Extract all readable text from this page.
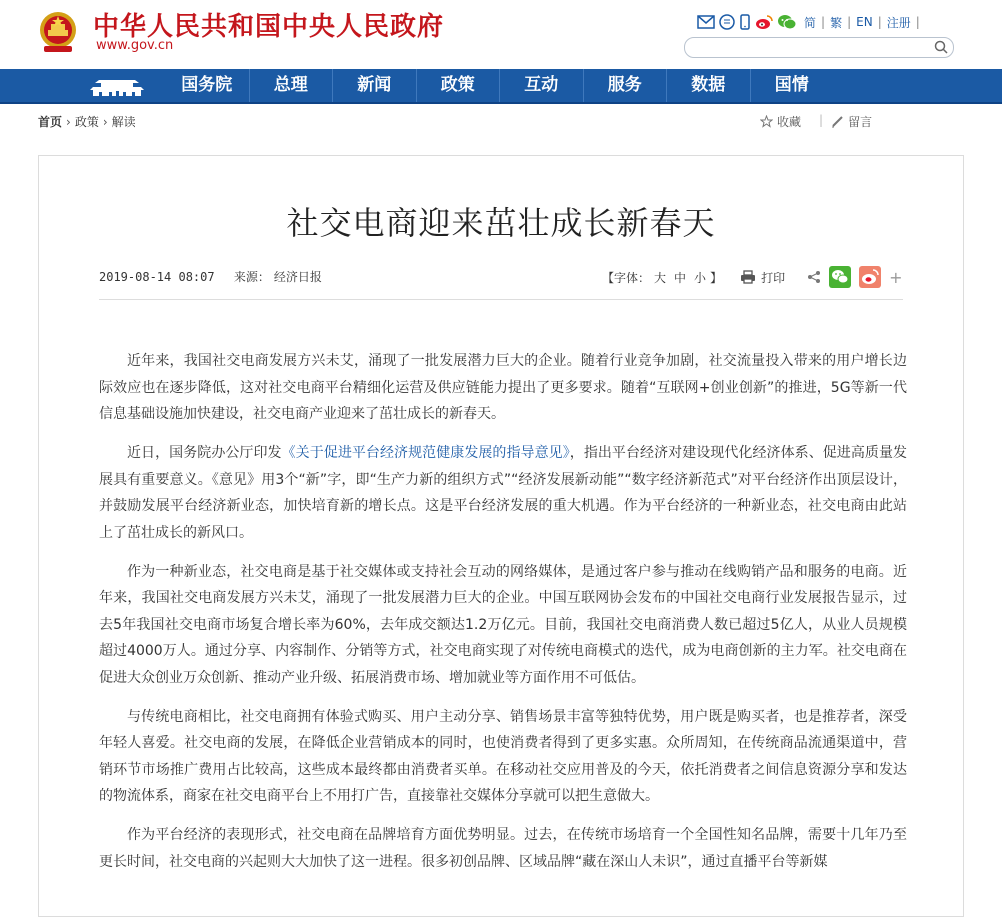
中华人民共和国中央人民政府
www.gov.cn
简 | 繁 | EN | 注册 |
国务院	总理	新闻	政策	互动	服务	数据	国情
首页 › 政策 › 解读	收藏 | 留言
社交电商迎来茁壮成长新春天
2019-08-14 08:07 来源： 经济日报	【字体： 大 中 小 】	打印	+

近年来，我国社交电商发展方兴未艾，涌现了一批发展潜力巨大的企业。随着行业竞争加剧，社交流量投入带来的用户增长边际效应也在逐步降低，这对社交电商平台精细化运营及供应链能力提出了更多要求。随着“互联网+创业创新”的推进，5G等新一代信息基础设施加快建设，社交电商产业迎来了茁壮成长的新春天。

近日，国务院办公厅印发《关于促进平台经济规范健康发展的指导意见》，指出平台经济对建设现代化经济体系、促进高质量发展具有重要意义。《意见》用3个“新”字，即“生产力新的组织方式”“经济发展新动能”“数字经济新范式”对平台经济作出顶层设计，并鼓励发展平台经济新业态，加快培育新的增长点。这是平台经济发展的重大机遇。作为平台经济的一种新业态，社交电商由此站上了茁壮成长的新风口。

作为一种新业态，社交电商是基于社交媒体或支持社会互动的网络媒体，是通过客户参与推动在线购销产品和服务的电商。近年来，我国社交电商发展方兴未艾，涌现了一批发展潜力巨大的企业。中国互联网协会发布的中国社交电商行业发展报告显示，过去5年我国社交电商市场复合增长率为60%，去年成交额达1.2万亿元。目前，我国社交电商消费人数已超过5亿人，从业人员规模超过4000万人。通过分享、内容制作、分销等方式，社交电商实现了对传统电商模式的迭代，成为电商创新的主力军。社交电商在促进大众创业万众创新、推动产业升级、拓展消费市场、增加就业等方面作用不可低估。

与传统电商相比，社交电商拥有体验式购买、用户主动分享、销售场景丰富等独特优势，用户既是购买者，也是推荐者，深受年轻人喜爱。社交电商的发展，在降低企业营销成本的同时，也使消费者得到了更多实惠。众所周知，在传统商品流通渠道中，营销环节市场推广费用占比较高，这些成本最终都由消费者买单。在移动社交应用普及的今天，依托消费者之间信息资源分享和发达的物流体系，商家在社交电商平台上不用打广告，直接靠社交媒体分享就可以把生意做大。

作为平台经济的表现形式，社交电商在品牌培育方面优势明显。过去，在传统市场培育一个全国性知名品牌，需要十几年乃至更长时间，社交电商的兴起则大大加快了这一进程。很多初创品牌、区域品牌“藏在深山人未识”，通过直播平台等新媒
